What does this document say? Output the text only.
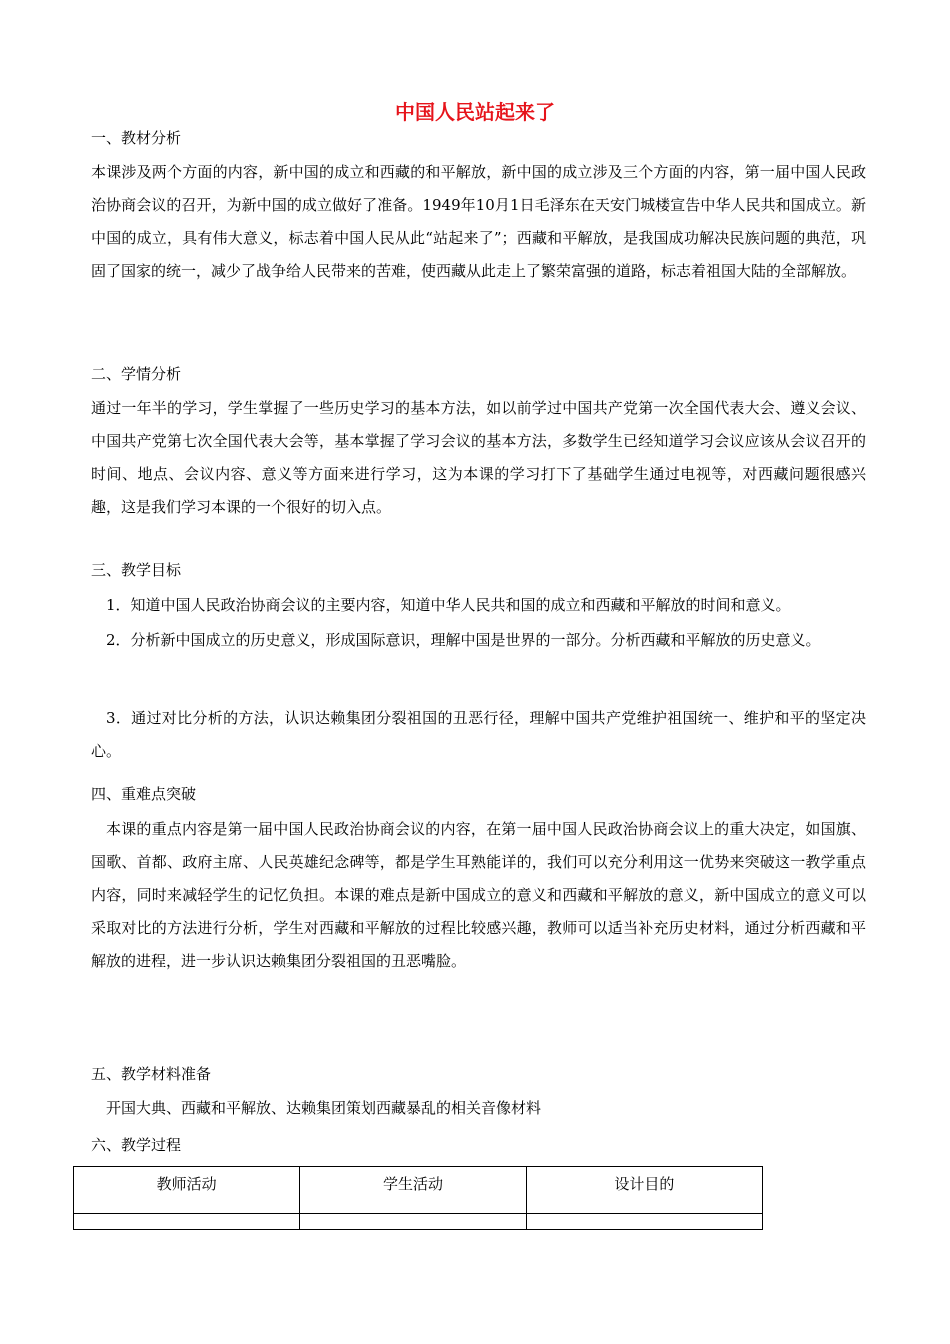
中国人民站起来了
一、教材分析

本课涉及两个方面的内容，新中国的成立和西藏的和平解放，新中国的成立涉及三个方面的内容，第一届中国人民政治协商会议的召开，为新中国的成立做好了准备。1949年10月1日毛泽东在天安门城楼宣告中华人民共和国成立。新中国的成立，具有伟大意义，标志着中国人民从此“站起来了”；西藏和平解放，是我国成功解决民族问题的典范，巩固了国家的统一，减少了战争给人民带来的苦难，使西藏从此走上了繁荣富强的道路，标志着祖国大陆的全部解放。

二、学情分析

通过一年半的学习，学生掌握了一些历史学习的基本方法，如以前学过中国共产党第一次全国代表大会、遵义会议、中国共产党第七次全国代表大会等，基本掌握了学习会议的基本方法，多数学生已经知道学习会议应该从会议召开的时间、地点、会议内容、意义等方面来进行学习，这为本课的学习打下了基础学生通过电视等，对西藏问题很感兴趣，这是我们学习本课的一个很好的切入点。

三、教学目标

1．知道中国人民政治协商会议的主要内容，知道中华人民共和国的成立和西藏和平解放的时间和意义。

2．分析新中国成立的历史意义，形成国际意识，理解中国是世界的一部分。分析西藏和平解放的历史意义。

3．通过对比分析的方法，认识达赖集团分裂祖国的丑恶行径，理解中国共产党维护祖国统一、维护和平的坚定决心。

四、重难点突破

本课的重点内容是第一届中国人民政治协商会议的内容，在第一届中国人民政治协商会议上的重大决定，如国旗、国歌、首都、政府主席、人民英雄纪念碑等，都是学生耳熟能详的，我们可以充分利用这一优势来突破这一教学重点内容，同时来减轻学生的记忆负担。本课的难点是新中国成立的意义和西藏和平解放的意义，新中国成立的意义可以采取对比的方法进行分析，学生对西藏和平解放的过程比较感兴趣，教师可以适当补充历史材料，通过分析西藏和平解放的进程，进一步认识达赖集团分裂祖国的丑恶嘴脸。

五、教学材料准备

开国大典、西藏和平解放、达赖集团策划西藏暴乱的相关音像材料

六、教学过程
教师活动	学生活动	设计目的
